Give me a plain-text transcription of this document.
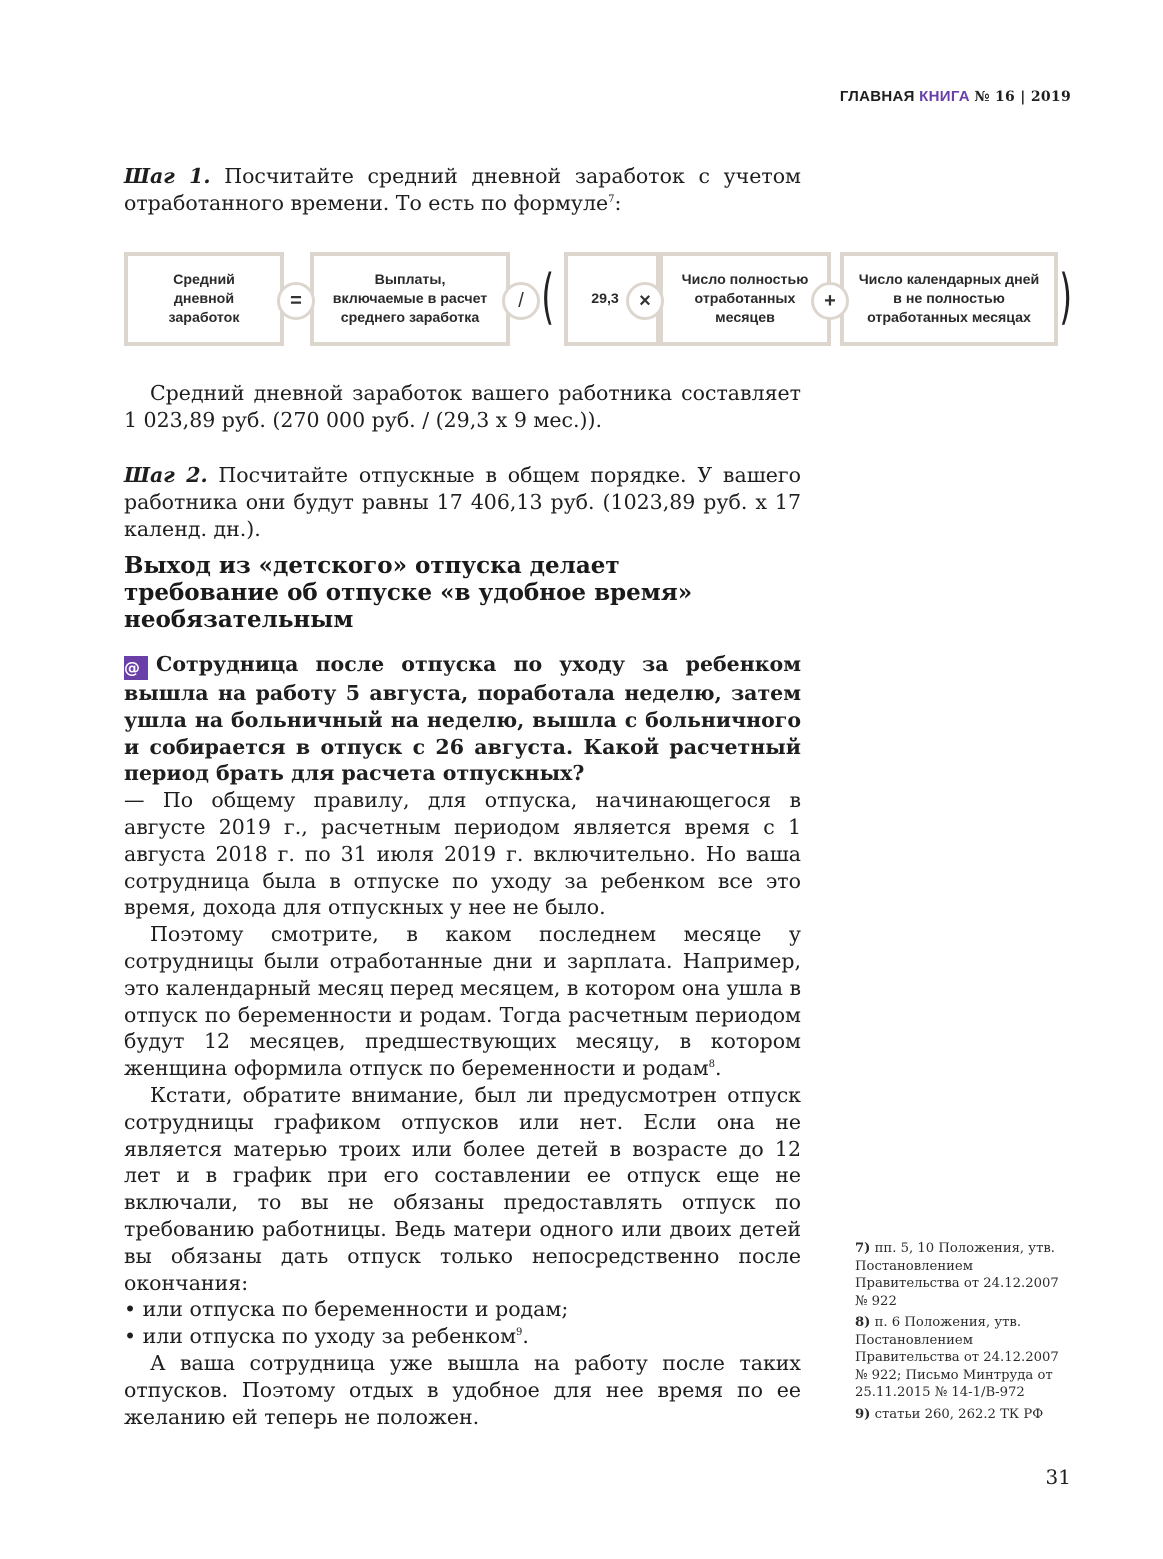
ГЛАВНАЯ КНИГА № 16 | 2019

Шаг 1. Посчитайте средний дневной заработок с учетом отработанного времени. То есть по формуле$^7$:

Средний дневной заработок
=
Выплаты, включаемые в расчет среднего заработка
/ (	29,3	×
Число полностью отработанных месяцев
+
Число календарных дней в не полностью отработанных месяцах )

Средний дневной заработок вашего работника составляет 1 023,89 руб. (270 000 руб. / (29,3 х 9 мес.)).

Шаг 2. Посчитайте отпускные в общем порядке. У вашего работника они будут равны 17 406,13 руб. (1023,89 руб. х 17 календ. дн.).

Выход из «детского» отпуска делает требование об отпуске «в удобное время» необязательным

@ Сотрудница после отпуска по уходу за ребенком вышла на работу 5 августа, поработала неделю, затем ушла на больничный на неделю, вышла с больничного и собирается в отпуск с 26 августа. Какой расчетный период брать для расчета отпускных?

— По общему правилу, для отпуска, начинающегося в августе 2019 г., расчетным периодом является время с 1 августа 2018 г. по 31 июля 2019 г. включительно. Но ваша сотрудница была в отпуске по уходу за ребенком все это время, дохода для отпускных у нее не было.

Поэтому смотрите, в каком последнем месяце у сотрудницы были отработанные дни и зарплата. Например, это календарный месяц перед месяцем, в котором она ушла в отпуск по беременности и родам. Тогда расчетным периодом будут 12 месяцев, предшествующих месяцу, в котором женщина оформила отпуск по беременности и родам$^8$.

Кстати, обратите внимание, был ли предусмотрен отпуск сотрудницы графиком отпусков или нет. Если она не является матерью троих или более детей в возрасте до 12 лет и в график при его составлении ее отпуск еще не включали, то вы не обязаны предоставлять отпуск по требованию работницы. Ведь матери одного или двоих детей вы обязаны дать отпуск только непосредственно после окончания:

• или отпуска по беременности и родам;

• или отпуска по уходу за ребенком$^9$.

А ваша сотрудница уже вышла на работу после таких отпусков. Поэтому отдых в удобное для нее время по ее желанию ей теперь не положен.

7) пп. 5, 10 Положения, утв. Постановлением Правительства от 24.12.2007 № 922
8) п. 6 Положения, утв. Постановлением Правительства от 24.12.2007 № 922; Письмо Минтруда от 25.11.2015 № 14-1/В-972
9) статьи 260, 262.2 ТК РФ
31
